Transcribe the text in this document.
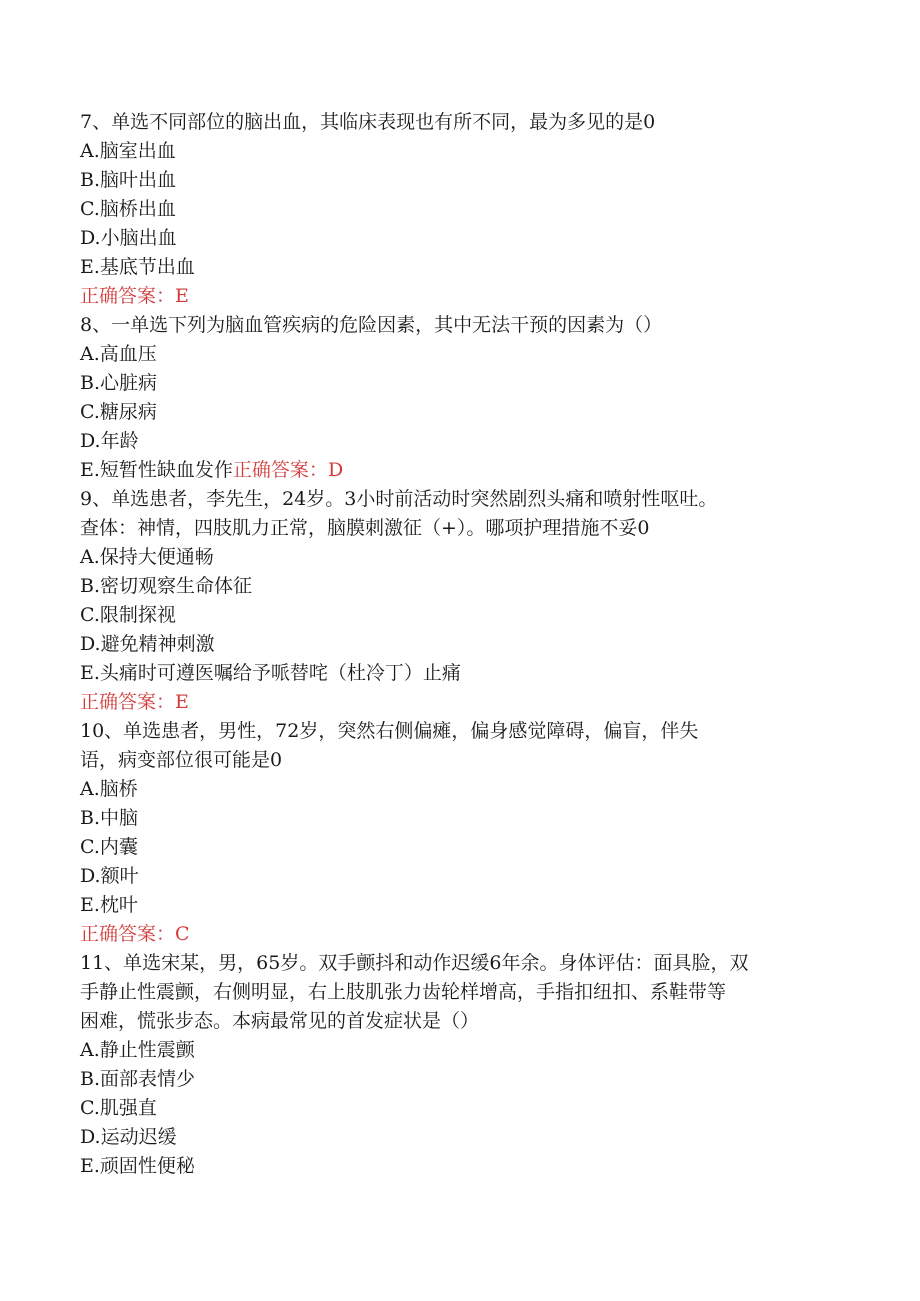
7、单选不同部位的脑出血，其临床表现也有所不同，最为多见的是0
A.脑室出血
B.脑叶出血
C.脑桥出血
D.小脑出血
E.基底节出血
正确答案：E
8、一单选下列为脑血管疾病的危险因素，其中无法干预的因素为（）
A.高血压
B.心脏病
C.糖尿病
D.年龄
E.短暂性缺血发作正确答案：D
9、单选患者，李先生，24岁。3小时前活动时突然剧烈头痛和喷射性呕吐。
查体：神情，四肢肌力正常，脑膜刺激征（+）。哪项护理措施不妥0
A.保持大便通畅
B.密切观察生命体征
C.限制探视
D.避免精神刺激
E.头痛时可遵医嘱给予哌替咤（杜冷丁）止痛
正确答案：E
10、单选患者，男性，72岁，突然右侧偏瘫，偏身感觉障碍，偏盲，伴失
语，病变部位很可能是0
A.脑桥
B.中脑
C.内囊
D.额叶
E.枕叶
正确答案：C
11、单选宋某，男，65岁。双手颤抖和动作迟缓6年余。身体评估：面具脸，双
手静止性震颤，右侧明显，右上肢肌张力齿轮样增高，手指扣纽扣、系鞋带等
困难，慌张步态。本病最常见的首发症状是（）
A.静止性震颤
B.面部表情少
C.肌强直
D.运动迟缓
E.顽固性便秘
